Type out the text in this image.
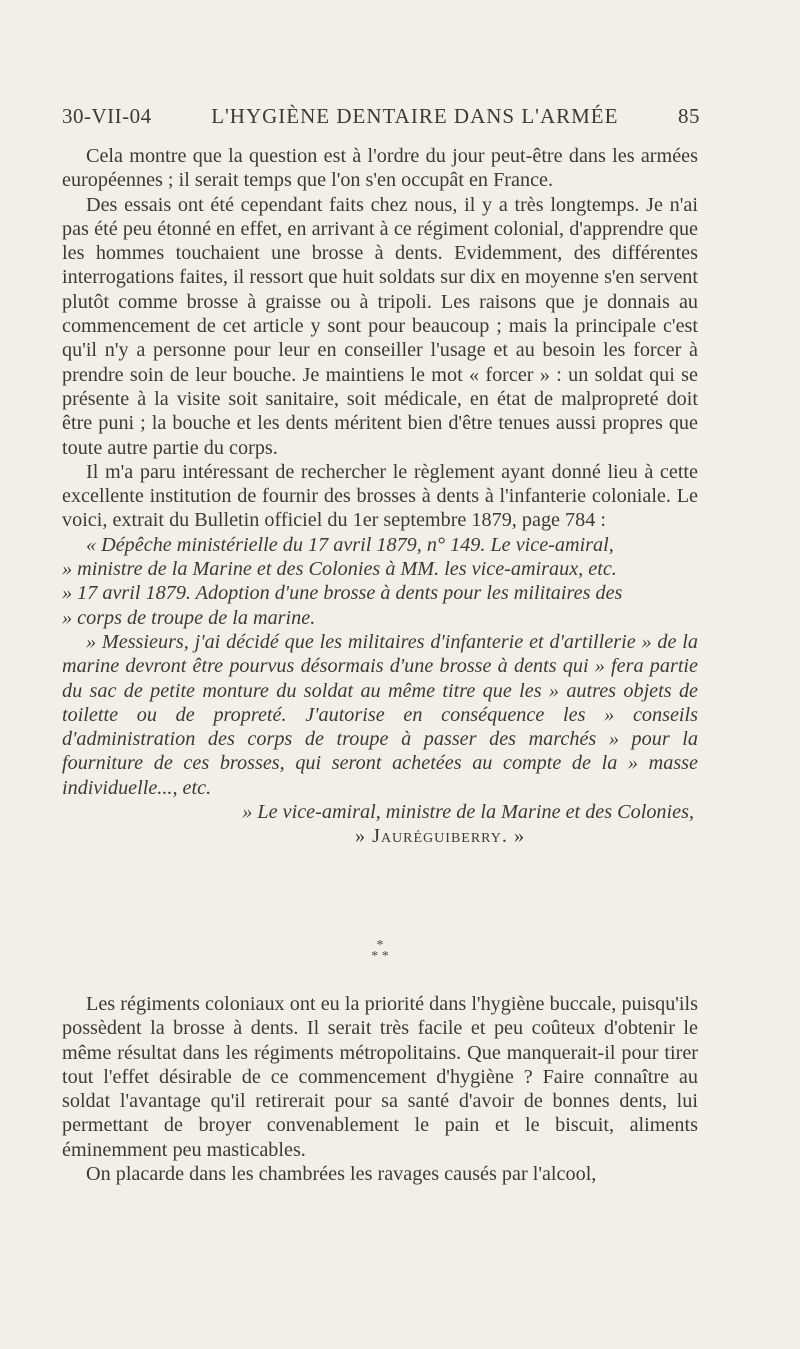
30-VII-04	L'HYGIÈNE DENTAIRE DANS L'ARMÉE	85

Cela montre que la question est à l'ordre du jour peut-être dans les armées européennes ; il serait temps que l'on s'en occupât en France.

Des essais ont été cependant faits chez nous, il y a très longtemps. Je n'ai pas été peu étonné en effet, en arrivant à ce régiment colonial, d'apprendre que les hommes touchaient une brosse à dents. Evidemment, des différentes interrogations faites, il ressort que huit soldats sur dix en moyenne s'en servent plutôt comme brosse à graisse ou à tripoli. Les raisons que je donnais au commencement de cet article y sont pour beaucoup ; mais la principale c'est qu'il n'y a personne pour leur en conseiller l'usage et au besoin les forcer à prendre soin de leur bouche. Je maintiens le mot « forcer » : un soldat qui se présente à la visite soit sanitaire, soit médicale, en état de malpropreté doit être puni ; la bouche et les dents méritent bien d'être tenues aussi propres que toute autre partie du corps.

Il m'a paru intéressant de rechercher le règlement ayant donné lieu à cette excellente institution de fournir des brosses à dents à l'infanterie coloniale. Le voici, extrait du Bulletin officiel du 1er septembre 1879, page 784 :

« Dépêche ministérielle du 17 avril 1879, n° 149. Le vice-amiral,

» ministre de la Marine et des Colonies à MM. les vice-amiraux, etc.

» 17 avril 1879. Adoption d'une brosse à dents pour les militaires des

» corps de troupe de la marine.

» Messieurs, j'ai décidé que les militaires d'infanterie et d'artillerie » de la marine devront être pourvus désormais d'une brosse à dents qui » fera partie du sac de petite monture du soldat au même titre que les » autres objets de toilette ou de propreté. J'autorise en conséquence les » conseils d'administration des corps de troupe à passer des marchés » pour la fourniture de ces brosses, qui seront achetées au compte de la » masse individuelle..., etc.

» Le vice-amiral, ministre de la Marine et des Colonies,

» Jauréguiberry. »

*
* *

Les régiments coloniaux ont eu la priorité dans l'hygiène buccale, puisqu'ils possèdent la brosse à dents. Il serait très facile et peu coûteux d'obtenir le même résultat dans les régiments métropolitains. Que manquerait-il pour tirer tout l'effet désirable de ce commencement d'hygiène ? Faire connaître au soldat l'avantage qu'il retirerait pour sa santé d'avoir de bonnes dents, lui permettant de broyer convenablement le pain et le biscuit, aliments éminemment peu masticables.

On placarde dans les chambrées les ravages causés par l'alcool,
